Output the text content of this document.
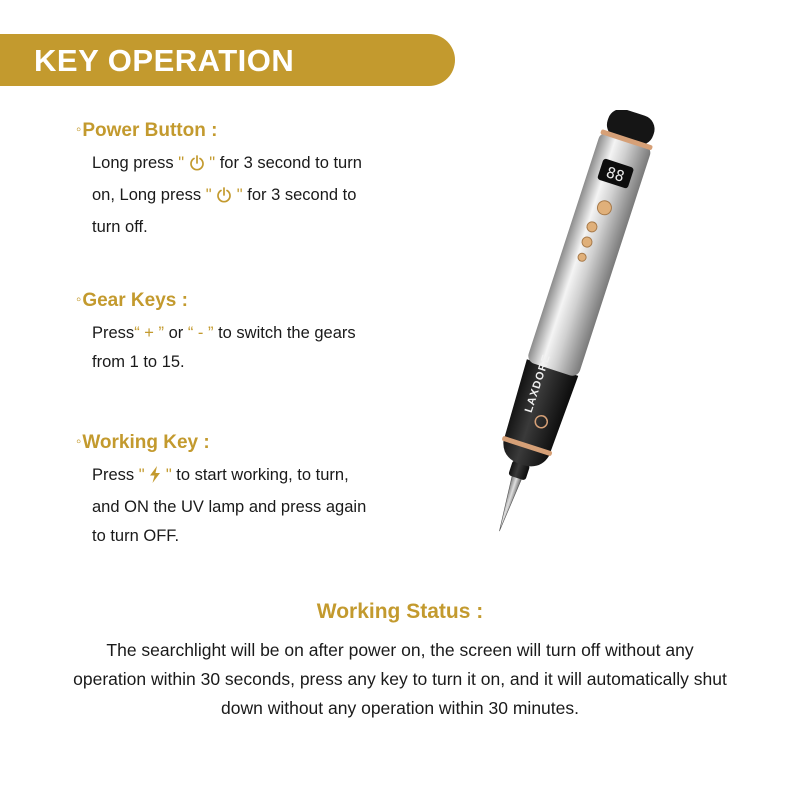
KEY OPERATION

◦Power Button :

Long press " " for 3 second to turn on, Long press " " for 3 second to turn off.

◦Gear Keys :

Press“ + ” or “ - ” to switch the gears from 1 to 15.

◦Working Key :

Press " " to start working, to turn, and ON the UV lamp and press again to turn OFF.

88
LAXDORE
Working Status :
The searchlight will be on after power on, the screen will turn off without any operation within 30 seconds, press any key to turn it on, and it will automatically shut down without any operation within 30 minutes.
